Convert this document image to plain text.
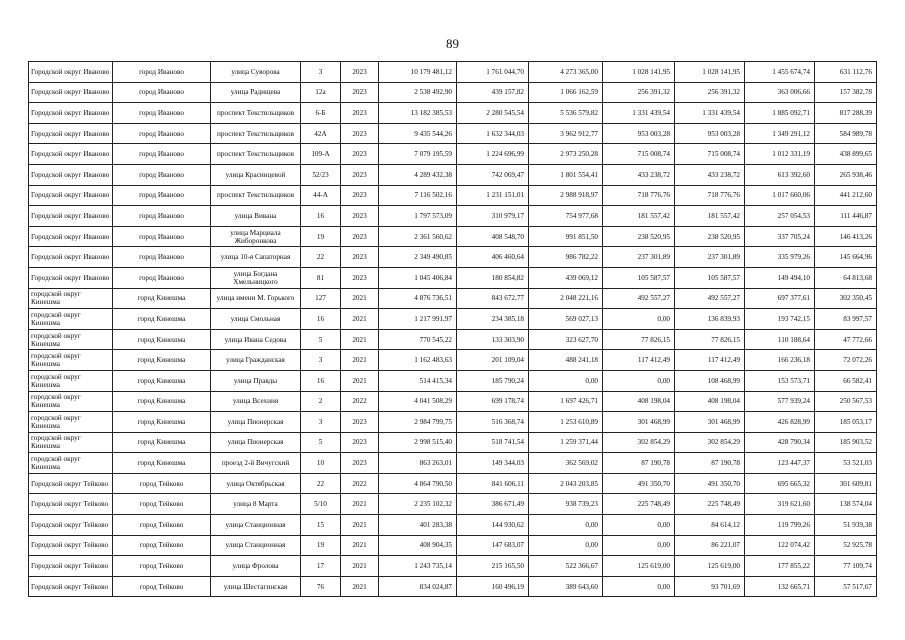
89
Городской округ Иваново	город Иваново	улица Суворова	3	2023	10 179 481,12	1 761 044,70	4 273 365,00	1 028 141,95	1 028 141,95	1 455 674,74	631 112,76
Городской округ Иваново	город Иваново	улица Радищева	12а	2023	2 538 492,90	439 157,82	1 066 162,59	256 391,32	256 391,32	363 006,66	157 382,78
Городской округ Иваново	город Иваново	проспект Текстильщиков	6-Б	2023	13 182 385,53	2 280 545,54	5 536 579,82	1 331 439,54	1 331 439,54	1 885 092,71	817 288,39
Городской округ Иваново	город Иваново	проспект Текстильщиков	42А	2023	9 435 544,26	1 632 344,03	3 962 912,77	953 003,28	953 003,28	1 349 291,12	584 989,78
Городской округ Иваново	город Иваново	проспект Текстильщиков	109-А	2023	7 079 195,59	1 224 696,99	2 973 250,28	715 008,74	715 008,74	1 012 331,19	438 899,65
Городской округ Иваново	город Иваново	улица Красинцевой	52/23	2023	4 289 432,38	742 069,47	1 801 554,41	433 238,72	433 238,72	613 392,60	265 938,46
Городской округ Иваново	город Иваново	проспект Текстильщиков	44-А	2023	7 116 502,16	1 231 151,01	2 988 918,97	718 776,76	718 776,76	1 017 660,06	441 212,60
Городской округ Иваново	город Иваново	улица Вивана	16	2023	1 797 573,09	310 979,17	754 977,68	181 557,42	181 557,42	257 054,53	111 446,87
Городской округ Иваново	город Иваново	улица Марциала Жиборонкова	19	2023	2 361 560,62	408 548,70	991 851,50	238 520,95	238 520,95	337 705,24	146 413,26
Городской округ Иваново	город Иваново	улица 10-я Сапаторная	22	2023	2 349 490,85	406 460,64	986 782,22	237 301,89	237 301,89	335 979,26	145 664,96
Городской округ Иваново	город Иваново	улица Богдана Хмельницкого	81	2023	1 045 406,84	180 854,82	439 069,12	105 587,57	105 587,57	149 494,10	64 813,68
городской округ Кинешма	город Кинешма	улица имени М. Горького	127	2021	4 876 736,51	843 672,77	2 048 221,16	492 557,27	492 557,27	697 377,61	302 350,45
городской округ Кинешма	город Кинешма	улица Смольная	16	2021	1 217 991,97	234 385,18	569 027,13	0,00	136 839,93	193 742,15	83 997,57
городской округ Кинешма	город Кинешма	улица Ивана Седова	5	2021	770 545,22	133 303,90	323 627,70	77 826,15	77 826,15	110 188,64	47 772,66
городской округ Кинешма	город Кинешма	улица Гражданская	3	2021	1 162 483,63	201 109,04	488 241,18	117 412,49	117 412,49	166 236,18	72 072,26
городской округ Кинешма	город Кинешма	улица Правды	16	2021	514 415,34	185 790,24	0,00	0,00	108 468,99	153 573,71	66 582,41
городской округ Кинешма	город Кинешма	улица Всехния	2	2022	4 041 508,29	699 178,74	1 697 426,71	408 198,04	408 198,04	577 939,24	250 567,53
городской округ Кинешма	город Кинешма	улица Пионерская	3	2023	2 984 799,75	516 368,74	1 253 610,89	301 468,99	301 468,99	426 828,99	185 053,17
городской округ Кинешма	город Кинешма	улица Пионерская	5	2023	2 998 515,40	518 741,54	1 259 371,44	302 854,29	302 854,29	428 790,34	185 903,52
городской округ Кинешма	город Кинешма	проезд 2-й Вичугский	10	2023	863 263,01	149 344,03	362 569,02	87 190,78	87 190,78	123 447,37	53 521,03
Городской округ Тейково	город Тейково	улица Октябрьская	22	2022	4 864 790,50	841 606,11	2 043 203,85	491 350,70	491 350,70	695 665,32	301 609,81
Городской округ Тейково	город Тейково	улица 8 Марта	5/10	2021	2 235 102,32	386 671,49	938 739,23	225 748,49	225 748,49	319 621,60	138 574,04
Городской округ Тейково	город Тейково	улица Станционная	15	2021	401 283,38	144 930,62	0,00	0,00	84 614,12	119 799,26	51 939,38
Городской округ Тейково	город Тейково	улица Станционная	19	2021	408 904,35	147 683,07	0,00	0,00	86 221,07	122 074,42	52 925,78
Городской округ Тейково	город Тейково	улица Фролова	17	2021	1 243 735,14	215 165,50	522 366,67	125 619,00	125 619,00	177 855,22	77 109,74
Городской округ Тейково	город Тейково	улица Шестагинская	76	2021	834 024,87	160 496,19	389 643,60	0,00	93 701,69	132 665,71	57 517,67
